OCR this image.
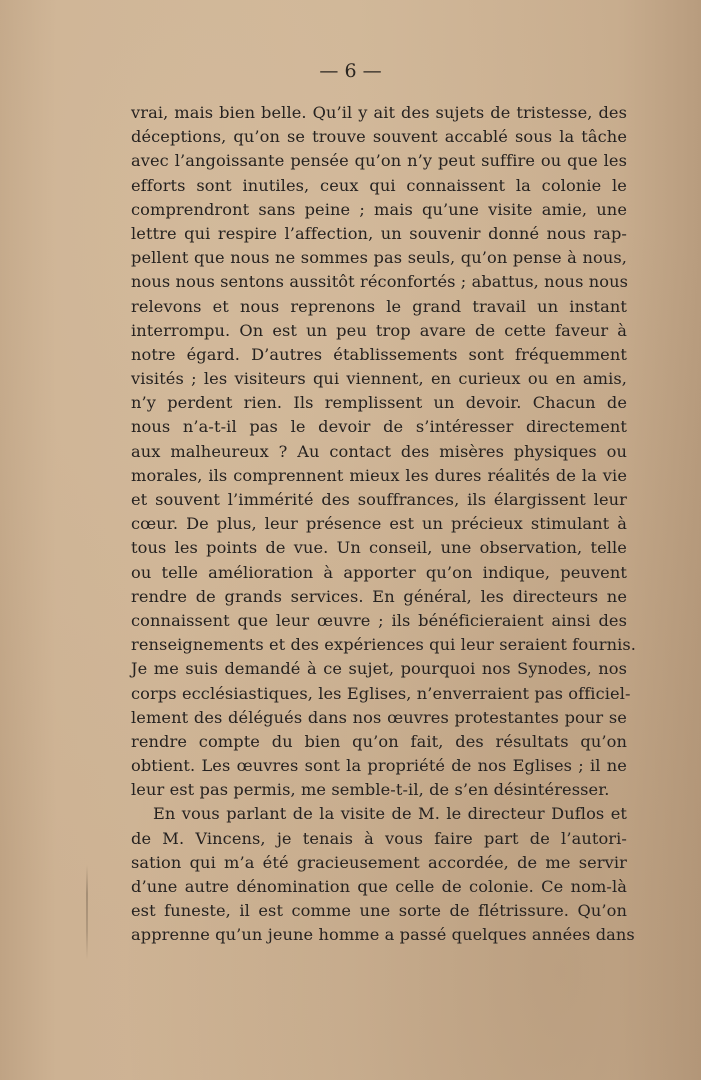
— 6 —

vrai, mais bien belle. Qu’il y ait des sujets de tristesse, des
déceptions, qu’on se trouve souvent accablé sous la tâche
avec l’angoissante pensée qu’on n’y peut suffire ou que les
efforts sont inutiles, ceux qui connaissent la colonie le
comprendront sans peine ; mais qu’une visite amie, une
lettre qui respire l’affection, un souvenir donné nous rap-
pellent que nous ne sommes pas seuls, qu’on pense à nous,
nous nous sentons aussitôt réconfortés ; abattus, nous nous
relevons et nous reprenons le grand travail un instant
interrompu. On est un peu trop avare de cette faveur à
notre égard. D’autres établissements sont fréquemment
visités ; les visiteurs qui viennent, en curieux ou en amis,
n’y perdent rien. Ils remplissent un devoir. Chacun de
nous n’a-t-il pas le devoir de s’intéresser directement
aux malheureux ? Au contact des misères physiques ou
morales, ils comprennent mieux les dures réalités de la vie
et souvent l’immérité des souffrances, ils élargissent leur
cœur. De plus, leur présence est un précieux stimulant à
tous les points de vue. Un conseil, une observation, telle
ou telle amélioration à apporter qu’on indique, peuvent
rendre de grands services. En général, les directeurs ne
connaissent que leur œuvre ; ils bénéficieraient ainsi des
renseignements et des expériences qui leur seraient fournis.
Je me suis demandé à ce sujet, pourquoi nos Synodes, nos
corps ecclésiastiques, les Eglises, n’enverraient pas officiel-
lement des délégués dans nos œuvres protestantes pour se
rendre compte du bien qu’on fait, des résultats qu’on
obtient. Les œuvres sont la propriété de nos Eglises ; il ne
leur est pas permis, me semble-t-il, de s’en désintéresser.
En vous parlant de la visite de M. le directeur Duflos et
de M. Vincens, je tenais à vous faire part de l’autori-
sation qui m’a été gracieusement accordée, de me servir
d’une autre dénomination que celle de colonie. Ce nom-là
est funeste, il est comme une sorte de flétrissure. Qu’on
apprenne qu’un jeune homme a passé quelques années dans
